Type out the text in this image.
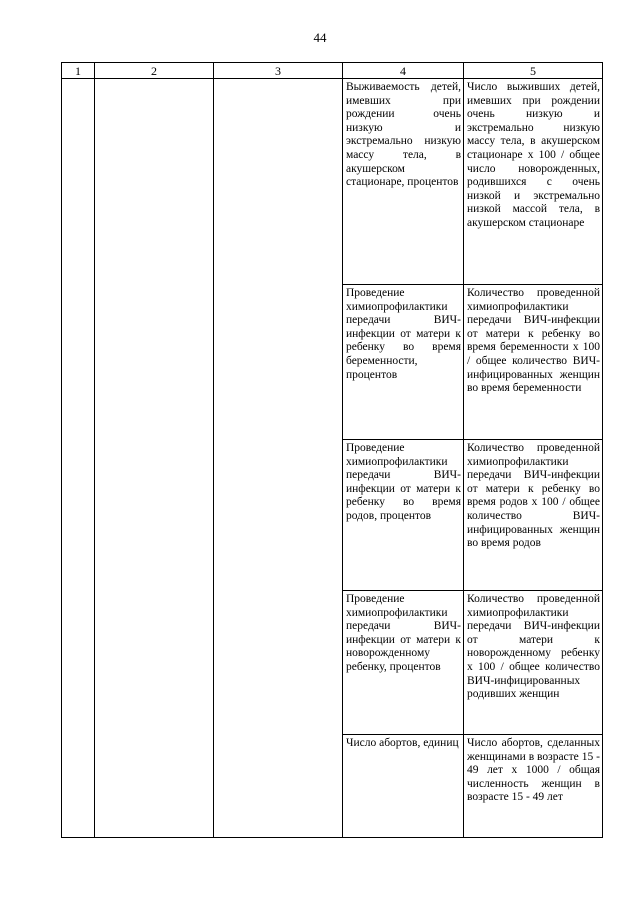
44
1	2	3	4	5

			Выживаемость детей, имевших при рождении очень низкую и экстремально низкую массу тела, в акушерском стационаре, процентов	Число выживших детей, имевших при рождении очень низкую и экстремально низкую массу тела, в акушерском стационаре x 100 / общее число новорожденных, родившихся с очень низкой и экстремально низкой массой тела, в акушерском стационаре

			Проведение химиопрофилактики передачи ВИЧ-инфекции от матери к ребенку во время беременности, процентов	Количество проведенной химиопрофилактики передачи ВИЧ-инфекции от матери к ребенку во время беременности x 100 / общее количество ВИЧ-инфицированных женщин во время беременности

			Проведение химиопрофилактики передачи ВИЧ-инфекции от матери к ребенку во время родов, процентов	Количество проведенной химиопрофилактики передачи ВИЧ-инфекции от матери к ребенку во время родов x 100 / общее количество ВИЧ-инфицированных женщин во время родов

			Проведение химиопрофилактики передачи ВИЧ-инфекции от матери к новорожденному ребенку, процентов	Количество проведенной химиопрофилактики передачи ВИЧ-инфекции от матери к новорожденному ребенку x 100 / общее количество ВИЧ-инфицированных родивших женщин

			Число абортов, единиц	Число абортов, сделанных женщинами в возрасте 15 - 49 лет x 1000 / общая численность женщин в возрасте 15 - 49 лет
